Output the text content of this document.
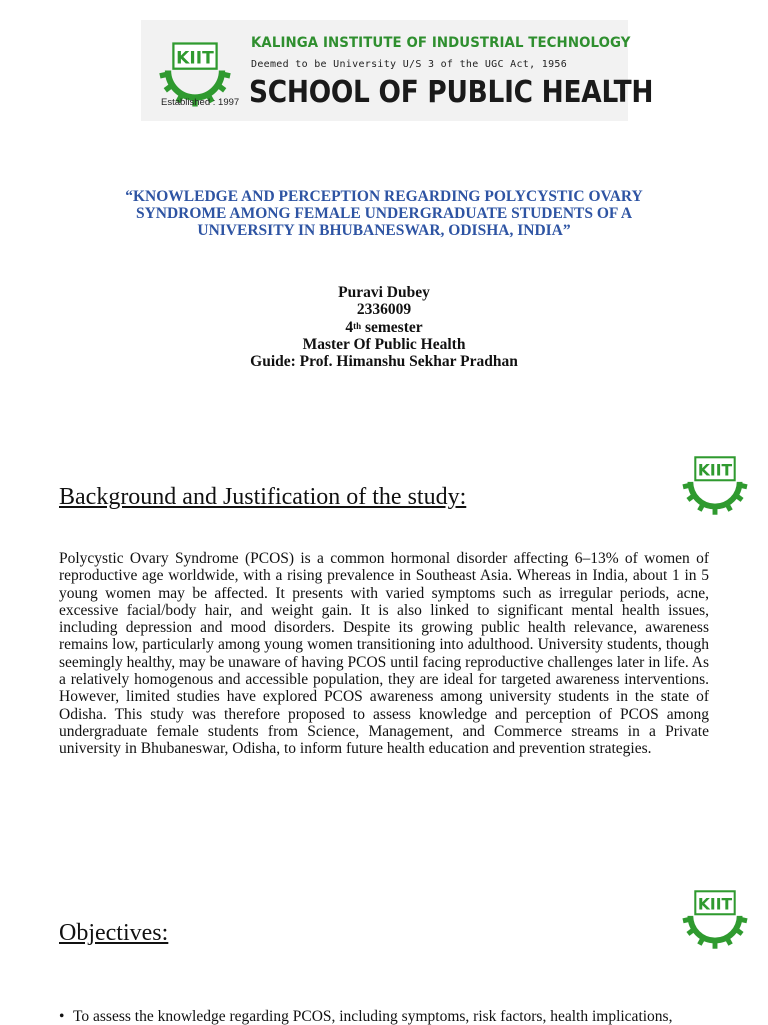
Established : 1997
KALINGA INSTITUTE OF INDUSTRIAL TECHNOLOGY
Deemed to be University U/S 3 of the UGC Act, 1956
SCHOOL OF PUBLIC HEALTH
“KNOWLEDGE AND PERCEPTION REGARDING POLYCYSTIC OVARY SYNDROME AMONG FEMALE UNDERGRADUATE STUDENTS OF A UNIVERSITY IN BHUBANESWAR, ODISHA, INDIA”
Puravi Dubey
2336009
4th semester
Master Of Public Health
Guide: Prof. Himanshu Sekhar Pradhan
Background and Justification of the study:
Polycystic Ovary Syndrome (PCOS) is a common hormonal disorder affecting 6–13% of women of reproductive age worldwide, with a rising prevalence in Southeast Asia. Whereas in India, about 1 in 5 young women may be affected. It presents with varied symptoms such as irregular periods, acne, excessive facial/body hair, and weight gain. It is also linked to significant mental health issues, including depression and mood disorders. Despite its growing public health relevance, awareness remains low, particularly among young women transitioning into adulthood. University students, though seemingly healthy, may be unaware of having PCOS until facing reproductive challenges later in life. As a relatively homogenous and accessible population, they are ideal for targeted awareness interventions. However, limited studies have explored PCOS awareness among university students in the state of Odisha. This study was therefore proposed to assess knowledge and perception of PCOS among undergraduate female students from Science, Management, and Commerce streams in a Private university in Bhubaneswar, Odisha, to inform future health education and prevention strategies.
Objectives:
• To assess the knowledge regarding PCOS, including symptoms, risk factors, health implications,
